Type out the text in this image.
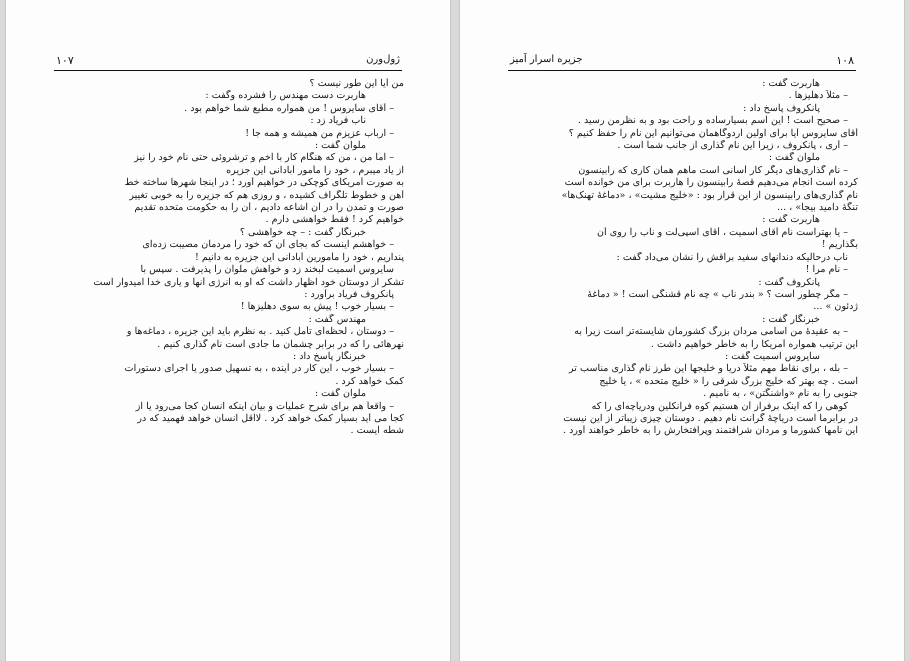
۱۰۷	ژول‌ورن
من آیا این طور نیست ؟
هاربرت دست مهندس را فشرده وگفت :
– آقای سایروس ! من همواره مطیع شما خواهم بود .
ناب فریاد زد :
– ارباب عزیزم من همیشه و همه جا !
ملوان گفت :
– اما من ، من که هنگام کار با اخم و ترشروئی حتی نام خود را نیز
از یاد میبرم ، خود را مأمور آبادانی این جزیره
به صورت آمریکای کوچکی در خواهیم آورد ؛ در اینجا شهرها ساخته خط
آهن و خطوط تلگراف کشیده ، و روزی هم که جزیره را به خوبی تغییر
صورت و تمدن را در آن اشاعه دادیم ، آن را به حکومت متحده تقدیم
خواهیم کرد ! فقط خواهشی دارم .
خبرنگار گفت : – چه خواهشی ؟
– خواهشم اینست که بجای آن که خود را مردمان مصیبت زده‌ای
پنداریم ، خود را مأمورین آبادانی این جزیره به دانیم !
سایروس اسمیت لبخند زد و خواهش ملوان را پذیرفت . سپس با
تشکر از دوستان خود اظهار داشت که او به انرژی آنها و یاری خدا امیدوار است
پانکروف فریاد برآورد :
– بسیار خوب ! پیش به سوی دهلیزها !
مهندس گفت :
– دوستان ، لحظه‌ای تأمل کنید . به نظرم باید این جزیره ، دماغه‌ها و
نهرهائی را که در برابر چشمان ما جادی است نام گذاری کنیم .
خبرنگار پاسخ داد :
– بسیار خوب ، این کار در آینده ، به تسهیل صدور یا اجرای دستورات
کمک خواهد کرد .
ملوان گفت :
– واقعاً هم برای شرح عملیات و بیان اینکه انسان کجا می‌رود یا از
کجا می آید بسیار کمک خواهد کرد . لااقل انسان خواهد فهمید که در
شطه ایست .
۱۰۸
جزیره اسرار آمیز
هاربرت گفت :
– مثلاً دهلیزها .
پانکروف پاسخ داد :
– صحیح است ! این اسم بسیارساده و راحت بود و به نظرمن رسید .
آقای سایروس آیا برای اولین اردوگاهمان می‌توانیم این نام را حفظ کنیم ؟
– آری ، پانکروف ، زیرا این نام گذاری از جانب شما است .
ملوان گفت :
– نام گذاری‌های دیگر کار آسانی است ماهم همان کاری که رابینسون
کرده است انجام می‌دهیم قصهٔ رابینسون را هاربرت برای من خوانده است
نام گذاری‌های رابینسون از این قرار بود : «خلیج مشیت» ، «دماغهٔ تهنک‌ها»
تنگهٔ دامید بیجا» ، ...
هاربرت گفت :
– یا بهتراست نام آقای اسمیت ، آقای اسپی‌لت و ناب را روی آن
بگذاریم !
ناب درحالیکه دندانهای سفید براقش را نشان می‌داد گفت :
– نام مرا !
پانکروف گفت :
– مگر چطور است ؟ « بندر ناب » چه نام قشنگی است ! « دماغهٔ
ژدئون » ...
خبرنگار گفت :
– به عقیدهٔ من اسامی مردان بزرگ کشورمان شایسته‌تر است زیرا به
این ترتیب همواره آمریکا را به خاطر خواهیم داشت .
سایروس اسمیت گفت :
– بله ، برای نقاط مهم مثلاً دریا و خلیجها این طرز نام گذاری مناسب تر
است . چه بهتر که خلیج بزرگ شرقی را « خلیج متحده » ، یا خلیج
جنوبی را به نام «واشنگتن» ، به نامیم .
کوهی را که اینک برفراز آن هستیم کوه فرانکلین ودریاچه‌ای را که
در برابرما است دریاچهٔ گرانت نام دهیم . دوستان چیزی زیباتر از این نیست
این نامها کشورما و مردان شرافتمند وپرافتخارش را به خاطر خواهند آورد .
